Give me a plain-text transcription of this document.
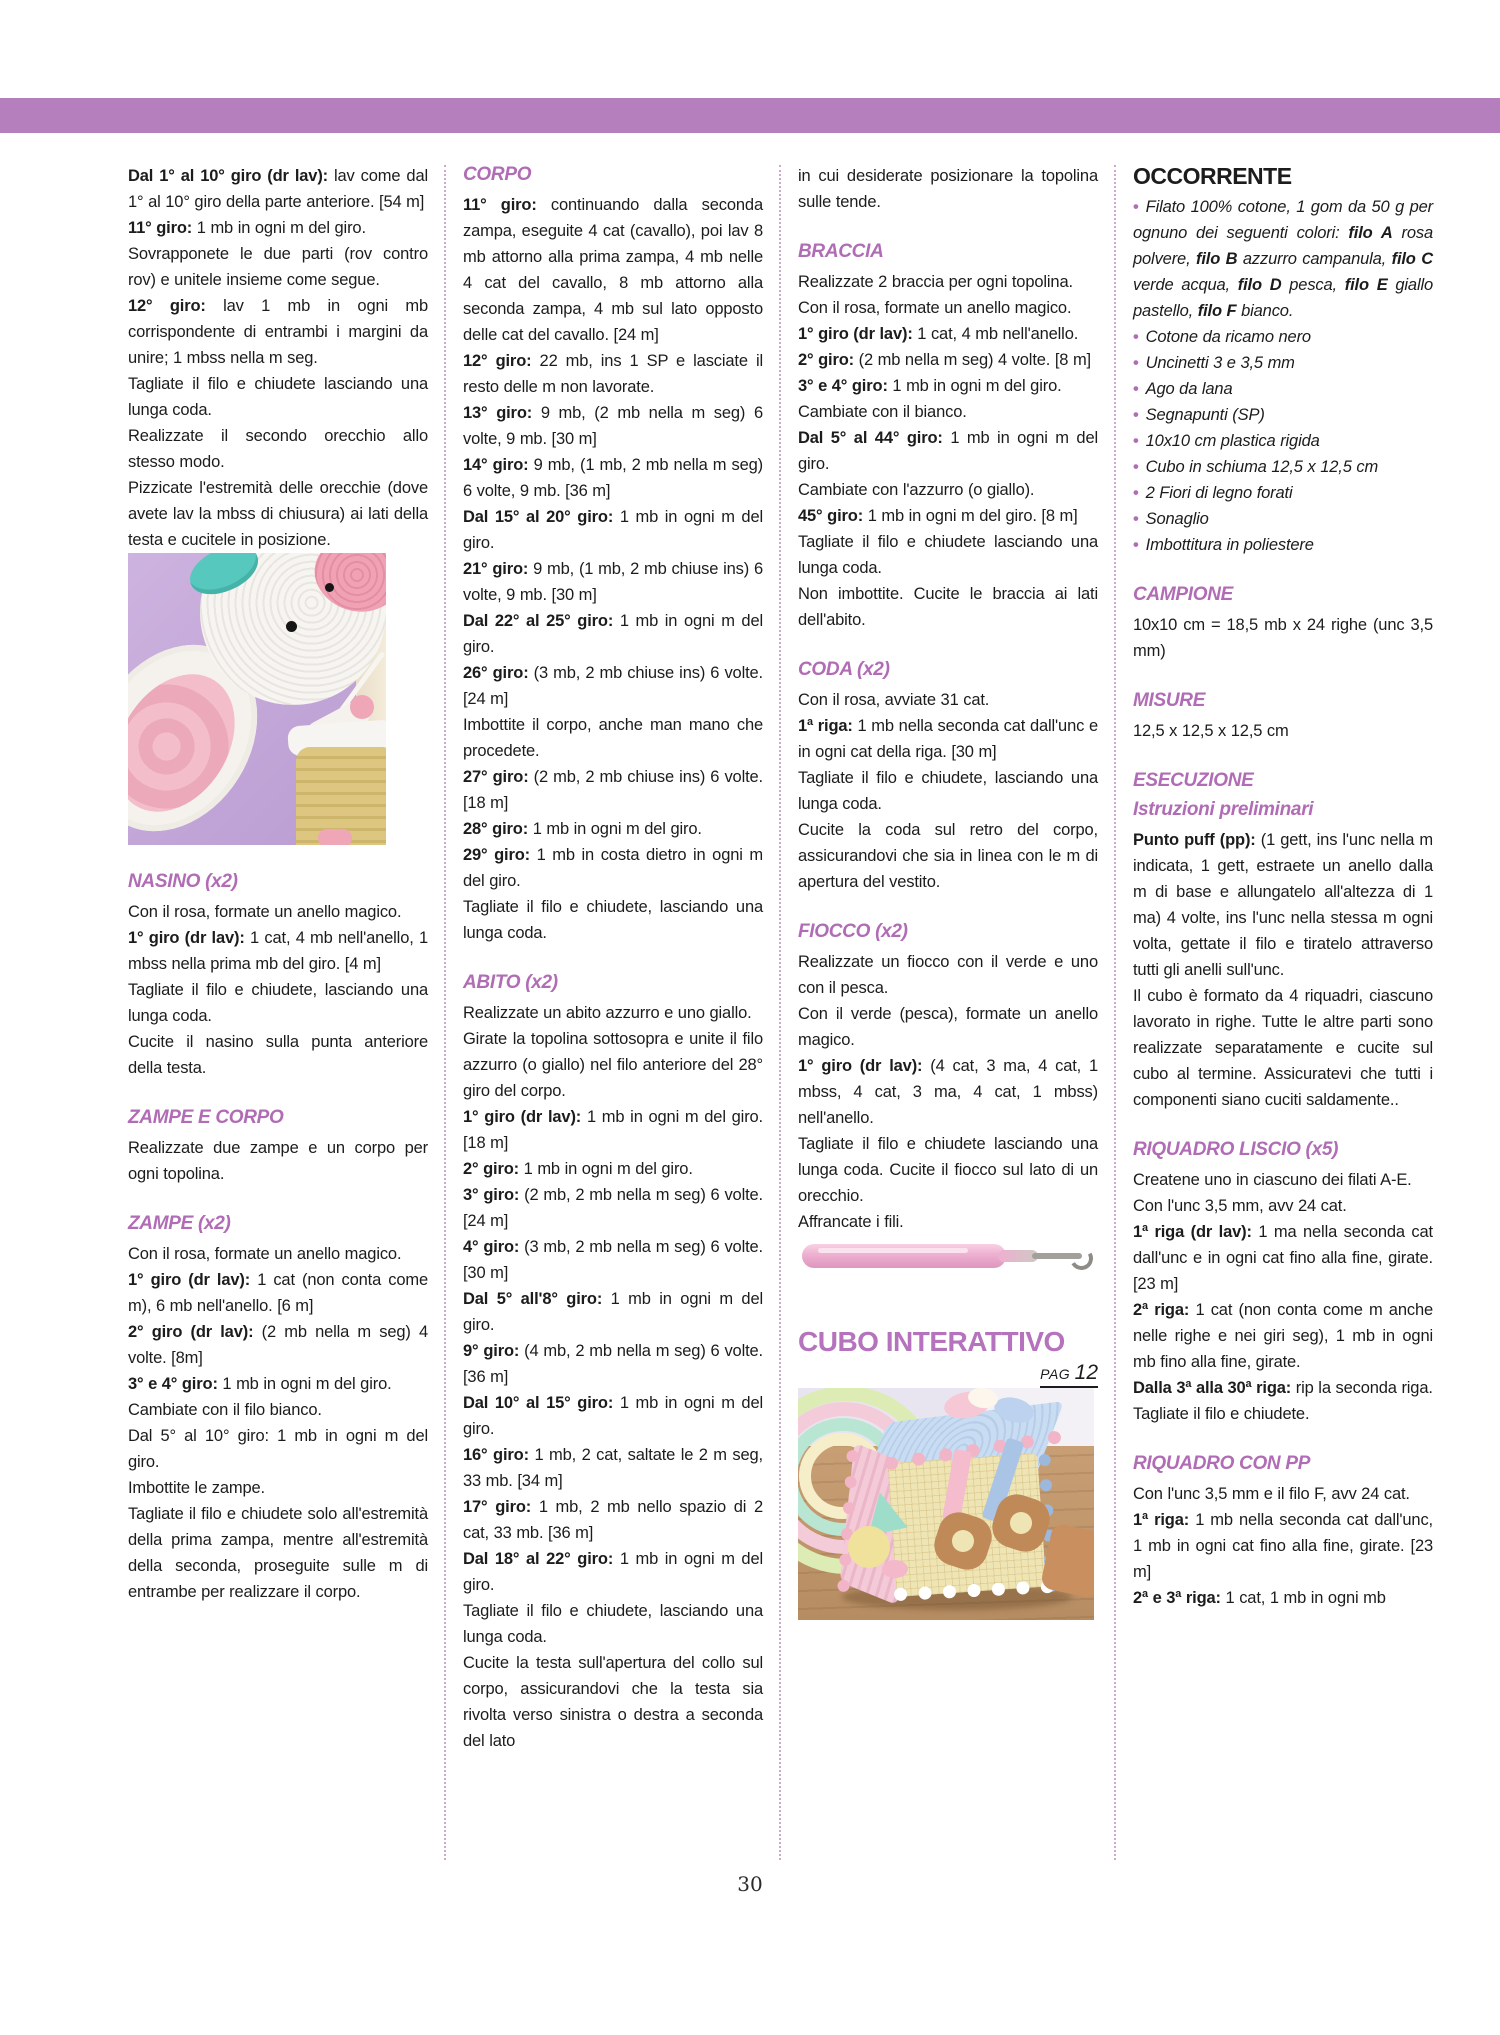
Dal 1° al 10° giro (dr lav): lav come dal 1° al 10° giro della parte anteriore. [54 m]

11° giro: 1 mb in ogni m del giro.

Sovrapponete le due parti (rov contro rov) e unitele insieme come segue.

12° giro: lav 1 mb in ogni mb corrispondente di entrambi i margini da unire; 1 mbss nella m seg.

Tagliate il filo e chiudete lasciando una lunga coda.

Realizzate il secondo orecchio allo stesso modo.

Pizzicate l'estremità delle orecchie (dove avete lav la mbss di chiusura) ai lati della testa e cucitele in posizione.

NASINO (x2)

Con il rosa, formate un anello magico.

1° giro (dr lav): 1 cat, 4 mb nell'anello, 1 mbss nella prima mb del giro. [4 m]

Tagliate il filo e chiudete, lasciando una lunga coda.

Cucite il nasino sulla punta anteriore della testa.

ZAMPE E CORPO

Realizzate due zampe e un corpo per ogni topolina.

ZAMPE (x2)

Con il rosa, formate un anello magico.

1° giro (dr lav): 1 cat (non conta come m), 6 mb nell'anello. [6 m]

2° giro (dr lav): (2 mb nella m seg) 4 volte. [8m]

3° e 4° giro: 1 mb in ogni m del giro.

Cambiate con il filo bianco.

Dal 5° al 10° giro: 1 mb in ogni m del giro.

Imbottite le zampe.

Tagliate il filo e chiudete solo all'estremità della prima zampa, mentre all'estremità della seconda, proseguite sulle m di entrambe per realizzare il corpo.

CORPO

11° giro: continuando dalla seconda zampa, eseguite 4 cat (cavallo), poi lav 8 mb attorno alla prima zampa, 4 mb nelle 4 cat del cavallo, 8 mb attorno alla seconda zampa, 4 mb sul lato opposto delle cat del cavallo. [24 m]

12° giro: 22 mb, ins 1 SP e lasciate il resto delle m non lavorate.

13° giro: 9 mb, (2 mb nella m seg) 6 volte, 9 mb. [30 m]

14° giro: 9 mb, (1 mb, 2 mb nella m seg) 6 volte, 9 mb. [36 m]

Dal 15° al 20° giro: 1 mb in ogni m del giro.

21° giro: 9 mb, (1 mb, 2 mb chiuse ins) 6 volte, 9 mb. [30 m]

Dal 22° al 25° giro: 1 mb in ogni m del giro.

26° giro: (3 mb, 2 mb chiuse ins) 6 volte. [24 m]

Imbottite il corpo, anche man mano che procedete.

27° giro: (2 mb, 2 mb chiuse ins) 6 volte. [18 m]

28° giro: 1 mb in ogni m del giro.

29° giro: 1 mb in costa dietro in ogni m del giro.

Tagliate il filo e chiudete, lasciando una lunga coda.

ABITO (x2)

Realizzate un abito azzurro e uno giallo.

Girate la topolina sottosopra e unite il filo azzurro (o giallo) nel filo anteriore del 28° giro del corpo.

1° giro (dr lav): 1 mb in ogni m del giro. [18 m]

2° giro: 1 mb in ogni m del giro.

3° giro: (2 mb, 2 mb nella m seg) 6 volte. [24 m]

4° giro: (3 mb, 2 mb nella m seg) 6 volte. [30 m]

Dal 5° all'8° giro: 1 mb in ogni m del giro.

9° giro: (4 mb, 2 mb nella m seg) 6 volte. [36 m]

Dal 10° al 15° giro: 1 mb in ogni m del giro.

16° giro: 1 mb, 2 cat, saltate le 2 m seg, 33 mb. [34 m]

17° giro: 1 mb, 2 mb nello spazio di 2 cat, 33 mb. [36 m]

Dal 18° al 22° giro: 1 mb in ogni m del giro.

Tagliate il filo e chiudete, lasciando una lunga coda.

Cucite la testa sull'apertura del collo sul corpo, assicurandovi che la testa sia rivolta verso sinistra o destra a seconda del lato

in cui desiderate posizionare la topolina sulle tende.

BRACCIA

Realizzate 2 braccia per ogni topolina.

Con il rosa, formate un anello magico.

1° giro (dr lav): 1 cat, 4 mb nell'anello.

2° giro: (2 mb nella m seg) 4 volte. [8 m]

3° e 4° giro: 1 mb in ogni m del giro.

Cambiate con il bianco.

Dal 5° al 44° giro: 1 mb in ogni m del giro.

Cambiate con l'azzurro (o giallo).

45° giro: 1 mb in ogni m del giro. [8 m]

Tagliate il filo e chiudete lasciando una lunga coda.

Non imbottite. Cucite le braccia ai lati dell'abito.

CODA (x2)

Con il rosa, avviate 31 cat.

1ª riga: 1 mb nella seconda cat dall'unc e in ogni cat della riga. [30 m]

Tagliate il filo e chiudete, lasciando una lunga coda.

Cucite la coda sul retro del corpo, assicurandovi che sia in linea con le m di apertura del vestito.

FIOCCO (x2)

Realizzate un fiocco con il verde e uno con il pesca.

Con il verde (pesca), formate un anello magico.

1° giro (dr lav): (4 cat, 3 ma, 4 cat, 1 mbss, 4 cat, 3 ma, 4 cat, 1 mbss) nell'anello.

Tagliate il filo e chiudete lasciando una lunga coda. Cucite il fiocco sul lato di un orecchio.

Affrancate i fili.

CUBO INTERATTIVO
PAG 12
OCCORRENTE

• Filato 100% cotone, 1 gom da 50 g per ognuno dei seguenti colori: filo A rosa polvere, filo B azzurro campanula, filo C verde acqua, filo D pesca, filo E giallo pastello, filo F bianco.

• Cotone da ricamo nero

• Uncinetti 3 e 3,5 mm

• Ago da lana

• Segnapunti (SP)

• 10x10 cm plastica rigida

• Cubo in schiuma 12,5 x 12,5 cm

• 2 Fiori di legno forati

• Sonaglio

• Imbottitura in poliestere

CAMPIONE

10x10 cm = 18,5 mb x 24 righe (unc 3,5 mm)

MISURE

12,5 x 12,5 x 12,5 cm

ESECUZIONE
Istruzioni preliminari

Punto puff (pp): (1 gett, ins l'unc nella m indicata, 1 gett, estraete un anello dalla m di base e allungatelo all'altezza di 1 ma) 4 volte, ins l'unc nella stessa m ogni volta, gettate il filo e tiratelo attraverso tutti gli anelli sull'unc.

Il cubo è formato da 4 riquadri, ciascuno lavorato in righe. Tutte le altre parti sono realizzate separatamente e cucite sul cubo al termine. Assicuratevi che tutti i componenti siano cuciti saldamente..

RIQUADRO LISCIO (x5)

Createne uno in ciascuno dei filati A-E.

Con l'unc 3,5 mm, avv 24 cat.

1ª riga (dr lav): 1 ma nella seconda cat dall'unc e in ogni cat fino alla fine, girate. [23 m]

2ª riga: 1 cat (non conta come m anche nelle righe e nei giri seg), 1 mb in ogni mb fino alla fine, girate.

Dalla 3ª alla 30ª riga: rip la seconda riga.

Tagliate il filo e chiudete.

RIQUADRO CON PP

Con l'unc 3,5 mm e il filo F, avv 24 cat.

1ª riga: 1 mb nella seconda cat dall'unc, 1 mb in ogni cat fino alla fine, girate. [23 m]

2ª e 3ª riga: 1 cat, 1 mb in ogni mb

30
